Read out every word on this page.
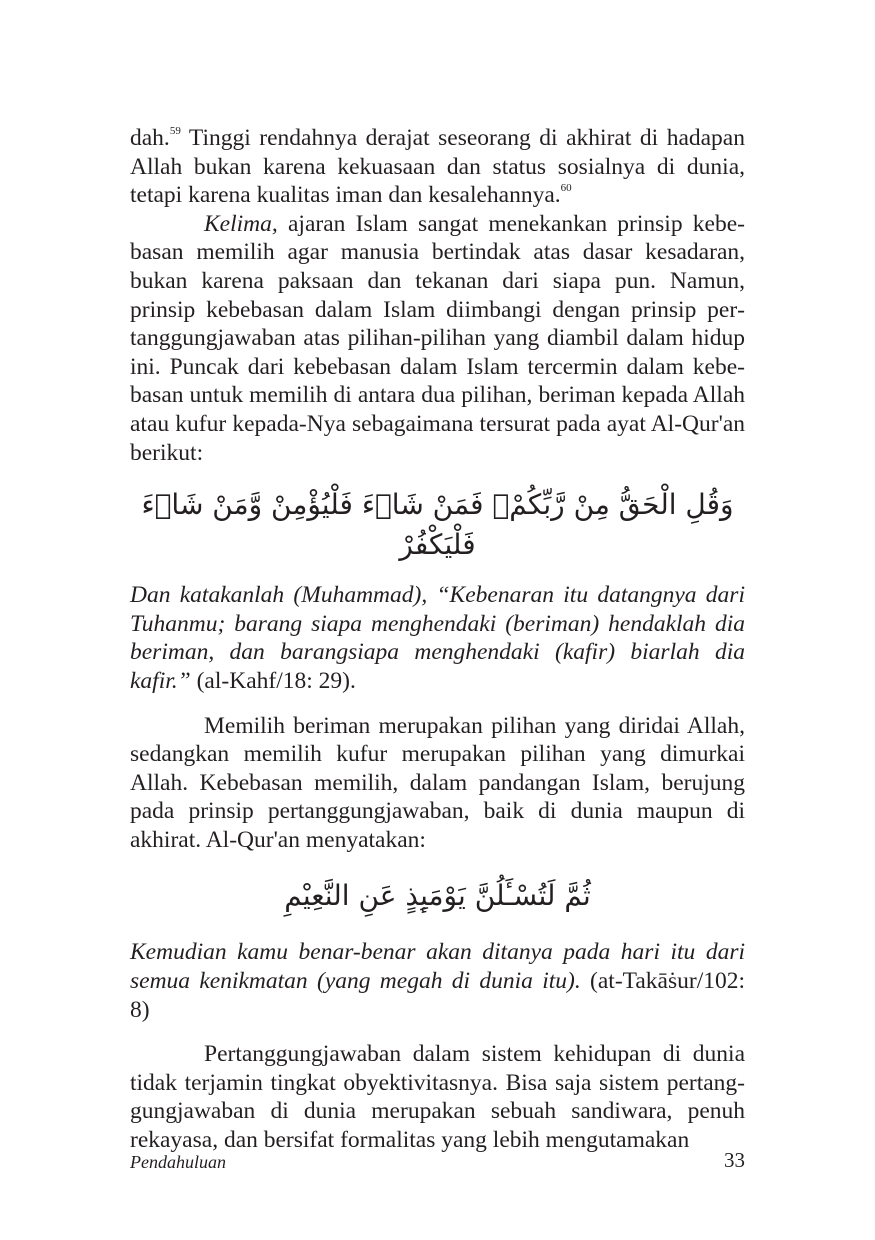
dah.$^{59}$ Tinggi rendahnya derajat seseorang di akhirat di hadapan Allah bukan karena kekuasaan dan status sosialnya di dunia, tetapi karena kualitas iman dan kesalehannya.$^{60}$

Kelima, ajaran Islam sangat menekankan prinsip kebebasan memilih agar manusia bertindak atas dasar kesadaran, bukan karena paksaan dan tekanan dari siapa pun. Namun, prinsip kebebasan dalam Islam diimbangi dengan prinsip pertanggungjawaban atas pilihan-pilihan yang diambil dalam hidup ini. Puncak dari kebebasan dalam Islam tercermin dalam kebebasan untuk memilih di antara dua pilihan, beriman kepada Allah atau kufur kepada-Nya sebagaimana tersurat pada ayat Al-Qur'an berikut:

وَقُلِ الْحَقُّ مِنْ رَّبِّكُمْۗ فَمَنْ شَاۤءَ فَلْيُؤْمِنْ وَّمَنْ شَاۤءَ فَلْيَكْفُرْ

Dan katakanlah (Muhammad), “Kebenaran itu datangnya dari Tuhanmu; barang siapa menghendaki (beriman) hendaklah dia beriman, dan barangsiapa menghendaki (kafir) biarlah dia kafir.” (al-Kahf/18: 29).

Memilih beriman merupakan pilihan yang diridai Allah, sedangkan memilih kufur merupakan pilihan yang dimurkai Allah. Kebebasan memilih, dalam pandangan Islam, berujung pada prinsip pertanggungjawaban, baik di dunia maupun di akhirat. Al-Qur'an menyatakan:

ثُمَّ لَتُسْـَٔلُنَّ يَوْمَىِٕذٍ عَنِ النَّعِيْمِ

Kemudian kamu benar-benar akan ditanya pada hari itu dari semua kenikmatan (yang megah di dunia itu). (at-Takāṡur/102: 8)

Pertanggungjawaban dalam sistem kehidupan di dunia tidak terjamin tingkat obyektivitasnya. Bisa saja sistem pertanggungjawaban di dunia merupakan sebuah sandiwara, penuh rekayasa, dan bersifat formalitas yang lebih mengutamakan

Pendahuluan	33
